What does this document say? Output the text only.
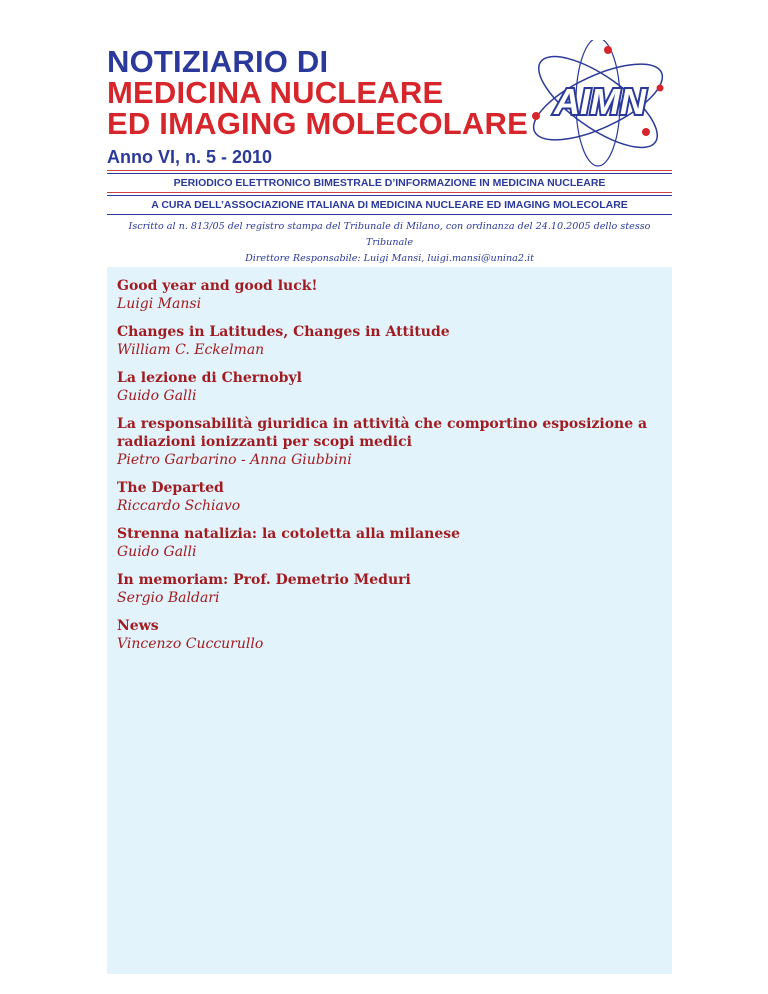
NOTIZIARIO DI
MEDICINA NUCLEARE
ED IMAGING MOLECOLARE
Anno VI, n. 5 - 2010
AIMN
PERIODICO ELETTRONICO BIMESTRALE D’INFORMAZIONE IN MEDICINA NUCLEARE
A CURA DELL’ASSOCIAZIONE ITALIANA DI MEDICINA NUCLEARE ED IMAGING MOLECOLARE
Iscritto al n. 813/05 del registro stampa del Tribunale di Milano, con ordinanza del 24.10.2005 dello stesso Tribunale
Direttore Responsabile: Luigi Mansi, luigi.mansi@unina2.it
Good year and good luck!
Luigi Mansi
Changes in Latitudes, Changes in Attitude
William C. Eckelman
La lezione di Chernobyl
Guido Galli
La responsabilità giuridica in attività che comportino esposizione a radiazioni ionizzanti per scopi medici
Pietro Garbarino - Anna Giubbini
The Departed
Riccardo Schiavo
Strenna natalizia: la cotoletta alla milanese
Guido Galli
In memoriam: Prof. Demetrio Meduri
Sergio Baldari
News
Vincenzo Cuccurullo
